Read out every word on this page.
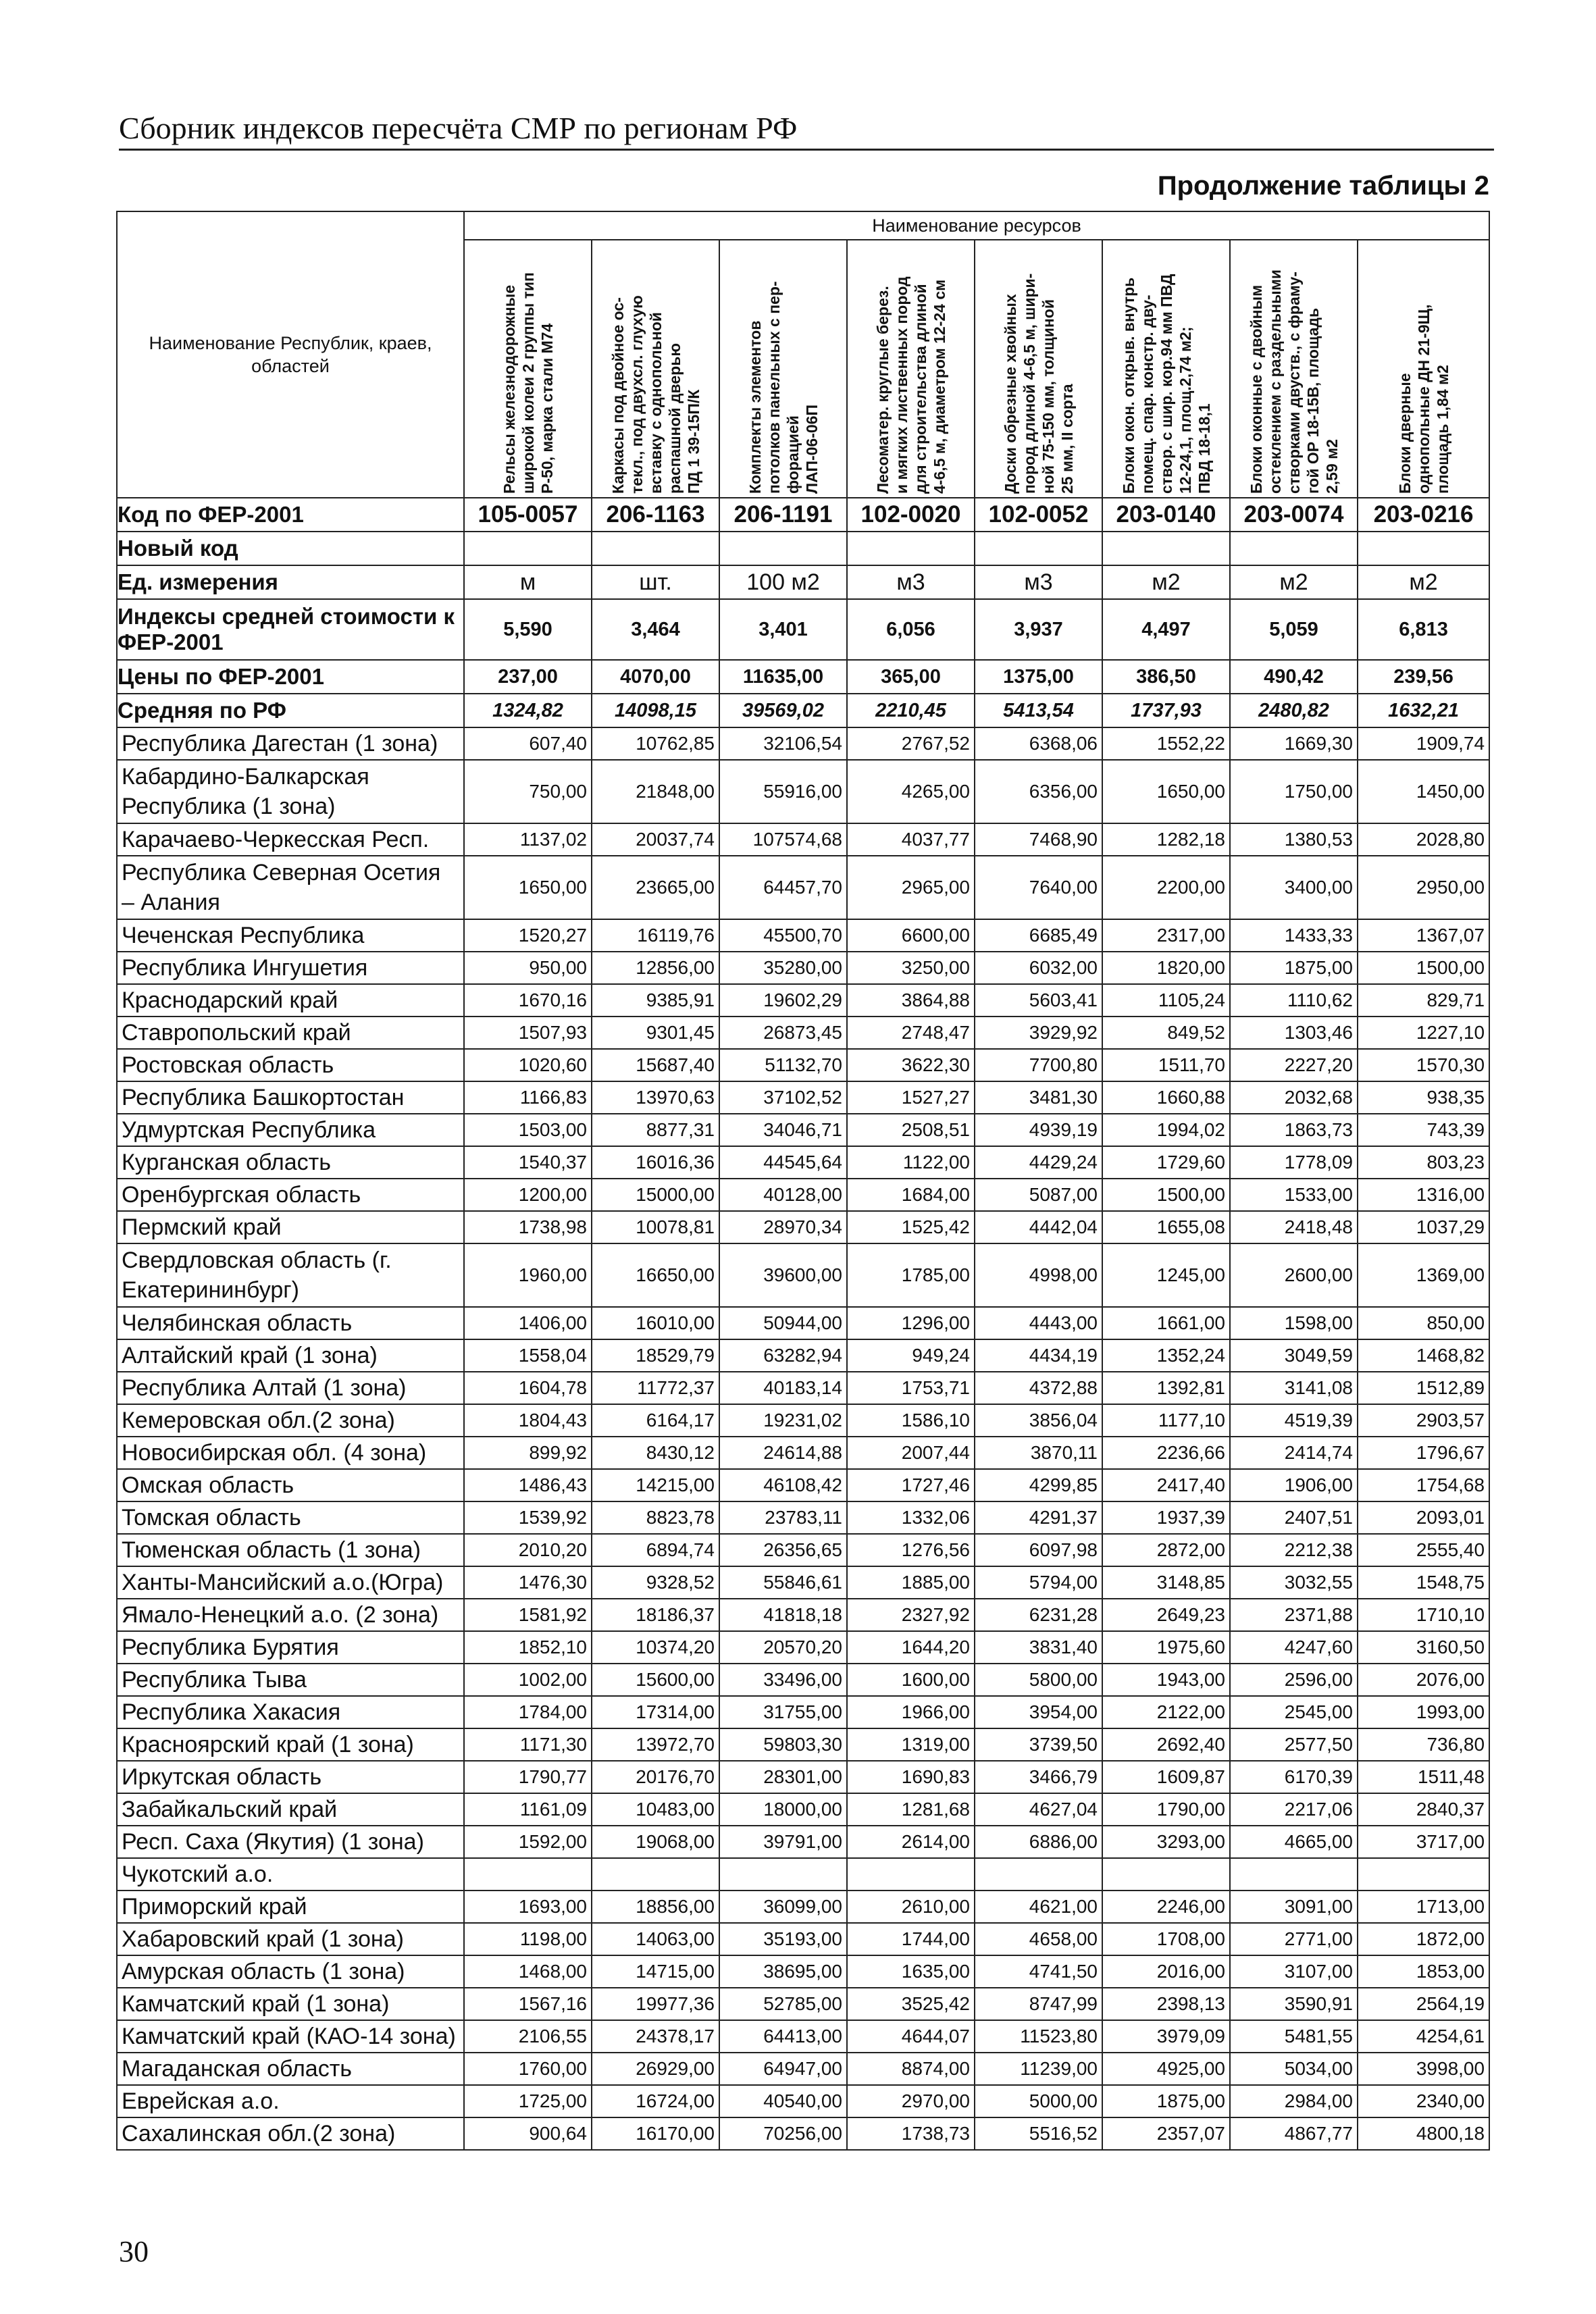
Сборник индексов пересчёта СМР по регионам РФ
Продолжение таблицы 2
Наименование Республик, краев, областей	Наименование ресурсов							
	Рельсы железнодорожные
широкой колеи 2 группы тип
Р-50, марка стали М74	Каркасы под двойное ос-
текл., под двухсл. глухую
вставку с однопольной
распашной дверью
ПД 1 39-15П/К	Комплекты элементов
потолков панельных с пер-
форацией
ЛАП-06-06П	Лесоматер. круглые берез.
и мягких лиственных пород
для строительства длиной
4-6,5 м, диаметром 12-24 см	Доски обрезные хвойных
пород длиной 4-6,5 м, шири-
ной 75-150 мм, толщиной
25 мм, II сорта	Блоки окон. открыв. внутрь
помещ. спар. констр. дву-
створ. с шир. кор.94 мм ПВД
12-24,1, площ.2,74 м2;
ПВД 18-18,1	Блоки оконные с двойным
остеклением с раздельными
створками двуств., с фраму-
гой ОР 18-15В, площадь
2,59 м2	Блоки дверные
однопольные ДН 21-9Щ,
площадь 1,84 м2
Код по ФЕР-2001	105-0057	206-1163	206-1191	102-0020	102-0052	203-0140	203-0074	203-0216
Новый код								
Ед. измерения	м	шт.	100 м2	м3	м3	м2	м2	м2
Индексы средней стоимости к ФЕР-2001	5,590	3,464	3,401	6,056	3,937	4,497	5,059	6,813
Цены по ФЕР-2001	237,00	4070,00	11635,00	365,00	1375,00	386,50	490,42	239,56
Средняя по РФ	1324,82	14098,15	39569,02	2210,45	5413,54	1737,93	2480,82	1632,21
Республика Дагестан (1 зона)	607,40	10762,85	32106,54	2767,52	6368,06	1552,22	1669,30	1909,74
Кабардино-Балкарская Республика (1 зона)	750,00	21848,00	55916,00	4265,00	6356,00	1650,00	1750,00	1450,00
Карачаево-Черкесская Респ.	1137,02	20037,74	107574,68	4037,77	7468,90	1282,18	1380,53	2028,80
Республика Северная Осетия – Алания	1650,00	23665,00	64457,70	2965,00	7640,00	2200,00	3400,00	2950,00
Чеченская Республика	1520,27	16119,76	45500,70	6600,00	6685,49	2317,00	1433,33	1367,07
Республика Ингушетия	950,00	12856,00	35280,00	3250,00	6032,00	1820,00	1875,00	1500,00
Краснодарский край	1670,16	9385,91	19602,29	3864,88	5603,41	1105,24	1110,62	829,71
Ставропольский край	1507,93	9301,45	26873,45	2748,47	3929,92	849,52	1303,46	1227,10
Ростовская область	1020,60	15687,40	51132,70	3622,30	7700,80	1511,70	2227,20	1570,30
Республика Башкортостан	1166,83	13970,63	37102,52	1527,27	3481,30	1660,88	2032,68	938,35
Удмуртская Республика	1503,00	8877,31	34046,71	2508,51	4939,19	1994,02	1863,73	743,39
Курганская область	1540,37	16016,36	44545,64	1122,00	4429,24	1729,60	1778,09	803,23
Оренбургская область	1200,00	15000,00	40128,00	1684,00	5087,00	1500,00	1533,00	1316,00
Пермский край	1738,98	10078,81	28970,34	1525,42	4442,04	1655,08	2418,48	1037,29
Свердловская область (г. Екатерининбург)	1960,00	16650,00	39600,00	1785,00	4998,00	1245,00	2600,00	1369,00
Челябинская область	1406,00	16010,00	50944,00	1296,00	4443,00	1661,00	1598,00	850,00
Алтайский край (1 зона)	1558,04	18529,79	63282,94	949,24	4434,19	1352,24	3049,59	1468,82
Республика Алтай (1 зона)	1604,78	11772,37	40183,14	1753,71	4372,88	1392,81	3141,08	1512,89
Кемеровская обл.(2 зона)	1804,43	6164,17	19231,02	1586,10	3856,04	1177,10	4519,39	2903,57
Новосибирская обл. (4 зона)	899,92	8430,12	24614,88	2007,44	3870,11	2236,66	2414,74	1796,67
Омская область	1486,43	14215,00	46108,42	1727,46	4299,85	2417,40	1906,00	1754,68
Томская область	1539,92	8823,78	23783,11	1332,06	4291,37	1937,39	2407,51	2093,01
Тюменская область (1 зона)	2010,20	6894,74	26356,65	1276,56	6097,98	2872,00	2212,38	2555,40
Ханты-Мансийский а.о.(Югра)	1476,30	9328,52	55846,61	1885,00	5794,00	3148,85	3032,55	1548,75
Ямало-Ненецкий а.о. (2 зона)	1581,92	18186,37	41818,18	2327,92	6231,28	2649,23	2371,88	1710,10
Республика Бурятия	1852,10	10374,20	20570,20	1644,20	3831,40	1975,60	4247,60	3160,50
Республика Тыва	1002,00	15600,00	33496,00	1600,00	5800,00	1943,00	2596,00	2076,00
Республика Хакасия	1784,00	17314,00	31755,00	1966,00	3954,00	2122,00	2545,00	1993,00
Красноярский край (1 зона)	1171,30	13972,70	59803,30	1319,00	3739,50	2692,40	2577,50	736,80
Иркутская область	1790,77	20176,70	28301,00	1690,83	3466,79	1609,87	6170,39	1511,48
Забайкальский край	1161,09	10483,00	18000,00	1281,68	4627,04	1790,00	2217,06	2840,37
Респ. Саха (Якутия) (1 зона)	1592,00	19068,00	39791,00	2614,00	6886,00	3293,00	4665,00	3717,00
Чукотский а.о.								
Приморский край	1693,00	18856,00	36099,00	2610,00	4621,00	2246,00	3091,00	1713,00
Хабаровский край (1 зона)	1198,00	14063,00	35193,00	1744,00	4658,00	1708,00	2771,00	1872,00
Амурская область (1 зона)	1468,00	14715,00	38695,00	1635,00	4741,50	2016,00	3107,00	1853,00
Камчатский край (1 зона)	1567,16	19977,36	52785,00	3525,42	8747,99	2398,13	3590,91	2564,19
Камчатский край (КАО-14 зона)	2106,55	24378,17	64413,00	4644,07	11523,80	3979,09	5481,55	4254,61
Магаданская область	1760,00	26929,00	64947,00	8874,00	11239,00	4925,00	5034,00	3998,00
Еврейская а.о.	1725,00	16724,00	40540,00	2970,00	5000,00	1875,00	2984,00	2340,00
Сахалинская обл.(2 зона)	900,64	16170,00	70256,00	1738,73	5516,52	2357,07	4867,77	4800,18
30
